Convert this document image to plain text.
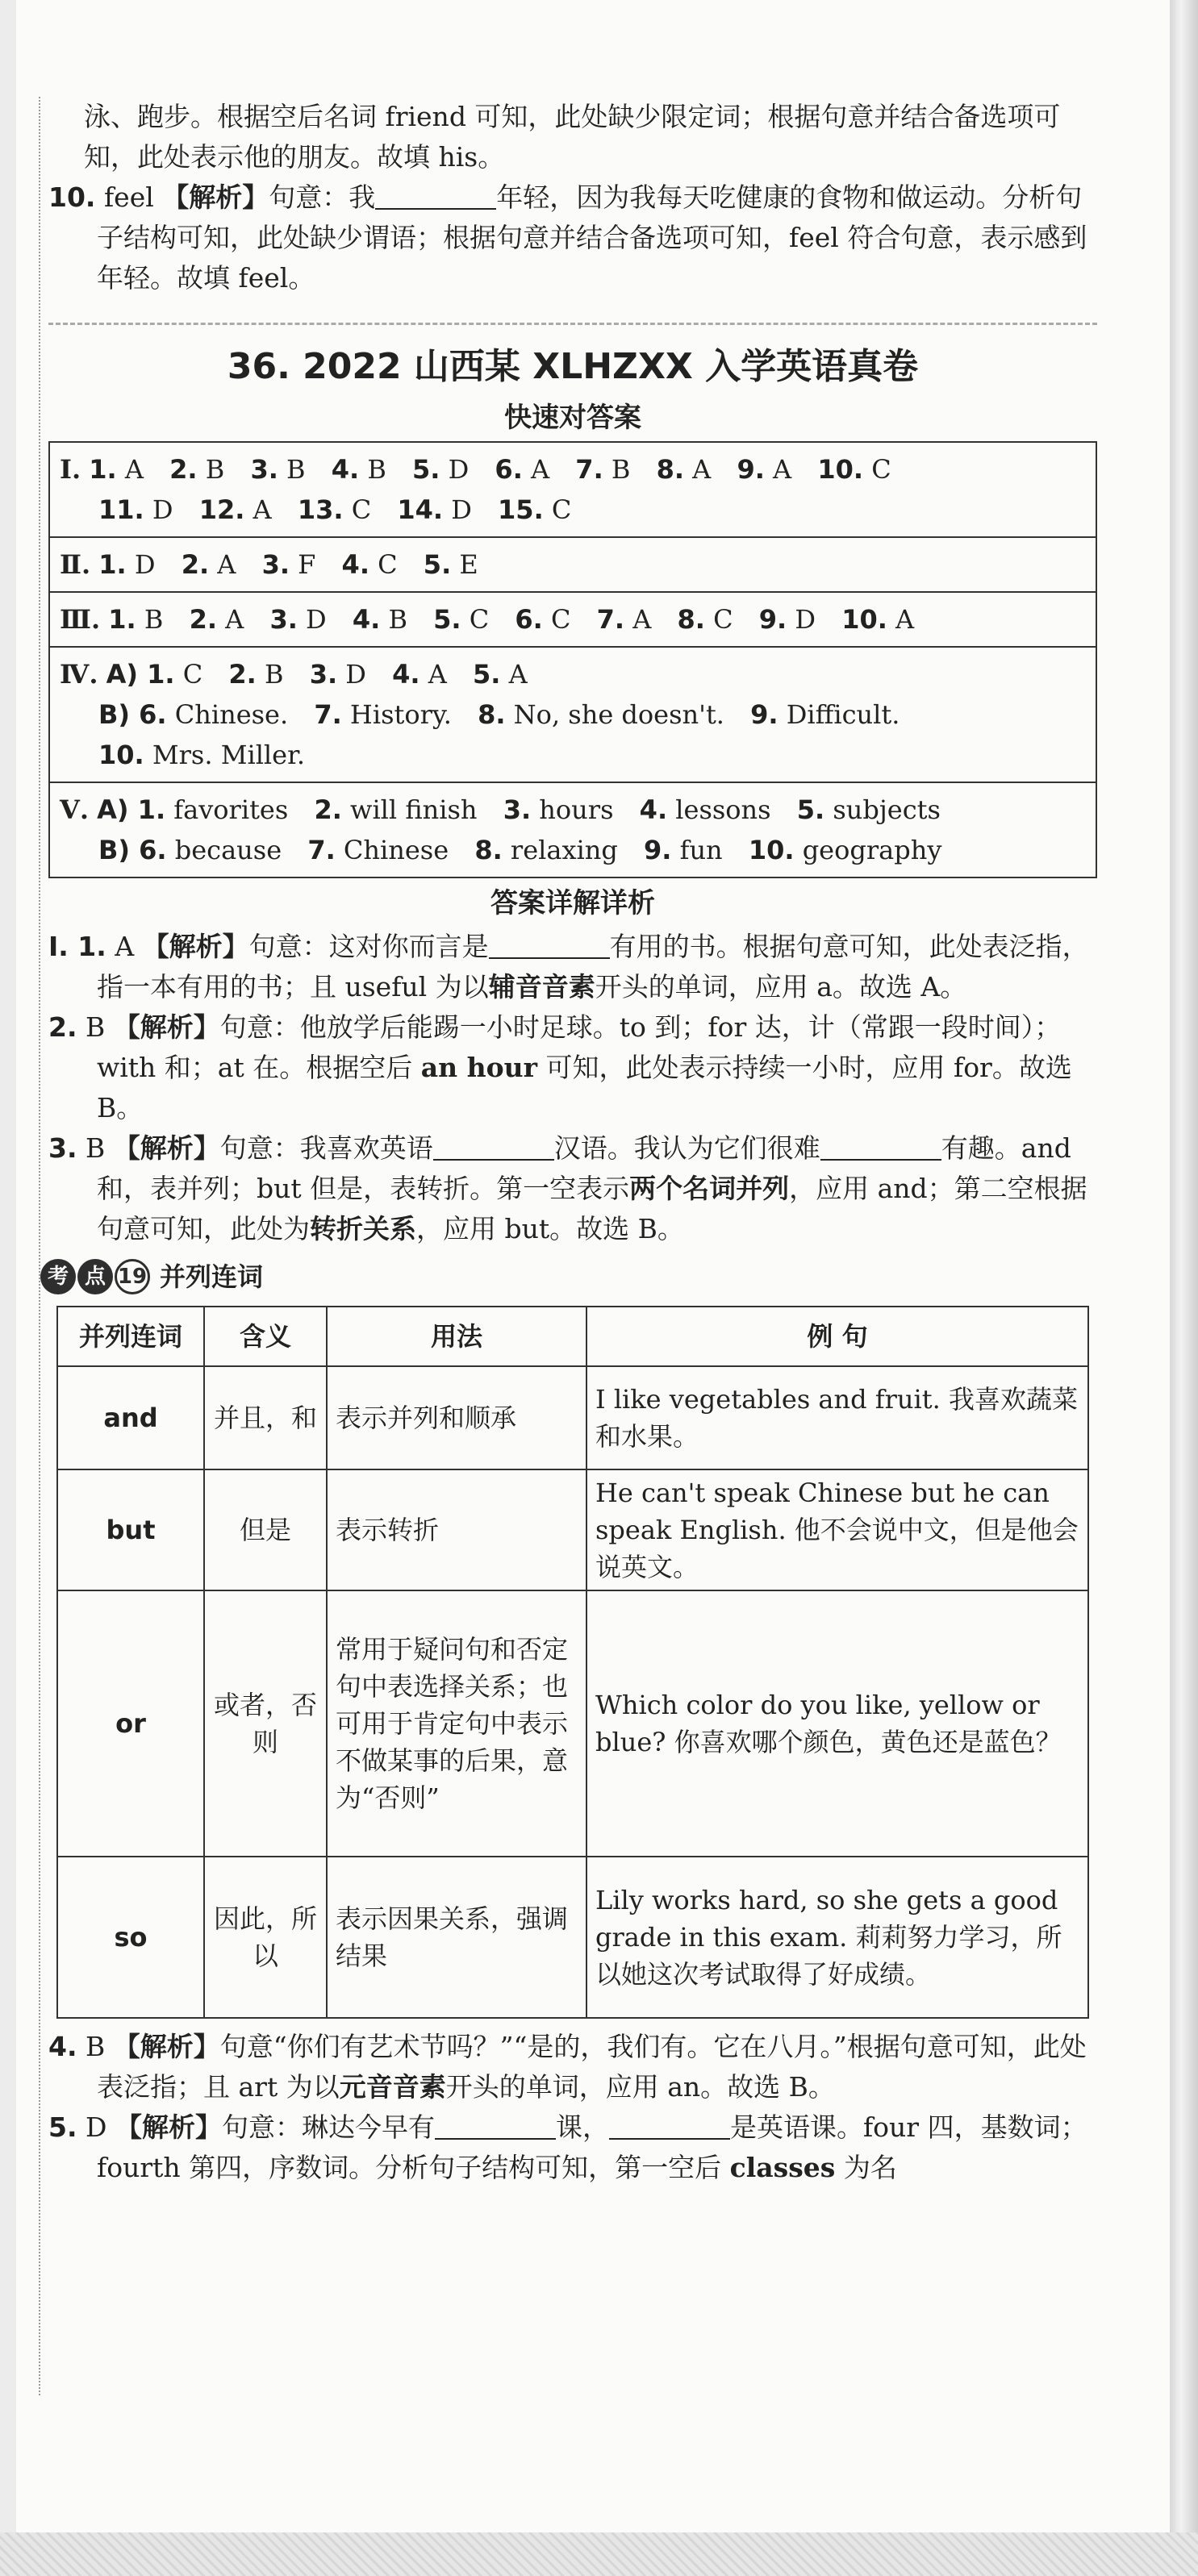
泳、跑步。根据空后名词 friend 可知，此处缺少限定词；根据句意并结合备选项可知，此处表示他的朋友。故填 his。

10. feel 【解析】句意：我	年轻，因为我每天吃健康的食物和做运动。分析句子结构可知，此处缺少谓语；根据句意并结合备选项可知，feel 符合句意，表示感到年轻。故填 feel。

36. 2022 山西某 XLHZXX 入学英语真卷
快速对答案
Ⅰ. 1. A 2. B 3. B 4. B 5. D 6. A 7. B 8. A 9. A 10. C
11. D 12. A 13. C 14. D 15. C
Ⅱ. 1. D 2. A 3. F 4. C 5. E
Ⅲ. 1. B 2. A 3. D 4. B 5. C 6. C 7. A 8. C 9. D 10. A
Ⅳ. A) 1. C 2. B 3. D 4. A 5. A
B) 6. Chinese. 7. History. 8. No, she doesn't. 9. Difficult.
10. Mrs. Miller.
Ⅴ. A) 1. favorites 2. will finish 3. hours 4. lessons 5. subjects
B) 6. because 7. Chinese 8. relaxing 9. fun 10. geography
答案详解详析

Ⅰ. 1. A 【解析】句意：这对你而言是	有用的书。根据句意可知，此处表泛指，指一本有用的书；且 useful 为以辅音音素开头的单词，应用 a。故选 A。

2. B 【解析】句意：他放学后能踢一小时足球。to 到；for 达，计（常跟一段时间）；with 和；at 在。根据空后 an hour 可知，此处表示持续一小时，应用 for。故选 B。

3. B 【解析】句意：我喜欢英语	汉语。我认为它们很难	有趣。and 和，表并列；but 但是，表转折。第一空表示两个名词并列，应用 and；第二空根据句意可知，此处为转折关系，应用 but。故选 B。

考 点 19 并列连词
并列连词	含义	用法	例 句
and	并且，和	表示并列和顺承	I like vegetables and fruit. 我喜欢蔬菜和水果。
but	但是	表示转折	He can't speak Chinese but he can speak English. 他不会说中文，但是他会说英文。
or	或者，否则	常用于疑问句和否定句中表选择关系；也可用于肯定句中表示不做某事的后果，意为“否则”	Which color do you like, yellow or blue? 你喜欢哪个颜色，黄色还是蓝色？
so	因此，所以	表示因果关系，强调结果	Lily works hard, so she gets a good grade in this exam. 莉莉努力学习，所以她这次考试取得了好成绩。

4. B 【解析】句意“你们有艺术节吗？”“是的，我们有。它在八月。”根据句意可知，此处表泛指；且 art 为以元音音素开头的单词，应用 an。故选 B。

5. D 【解析】句意：琳达今早有	课，	是英语课。four 四，基数词；fourth 第四，序数词。分析句子结构可知，第一空后 classes 为名
